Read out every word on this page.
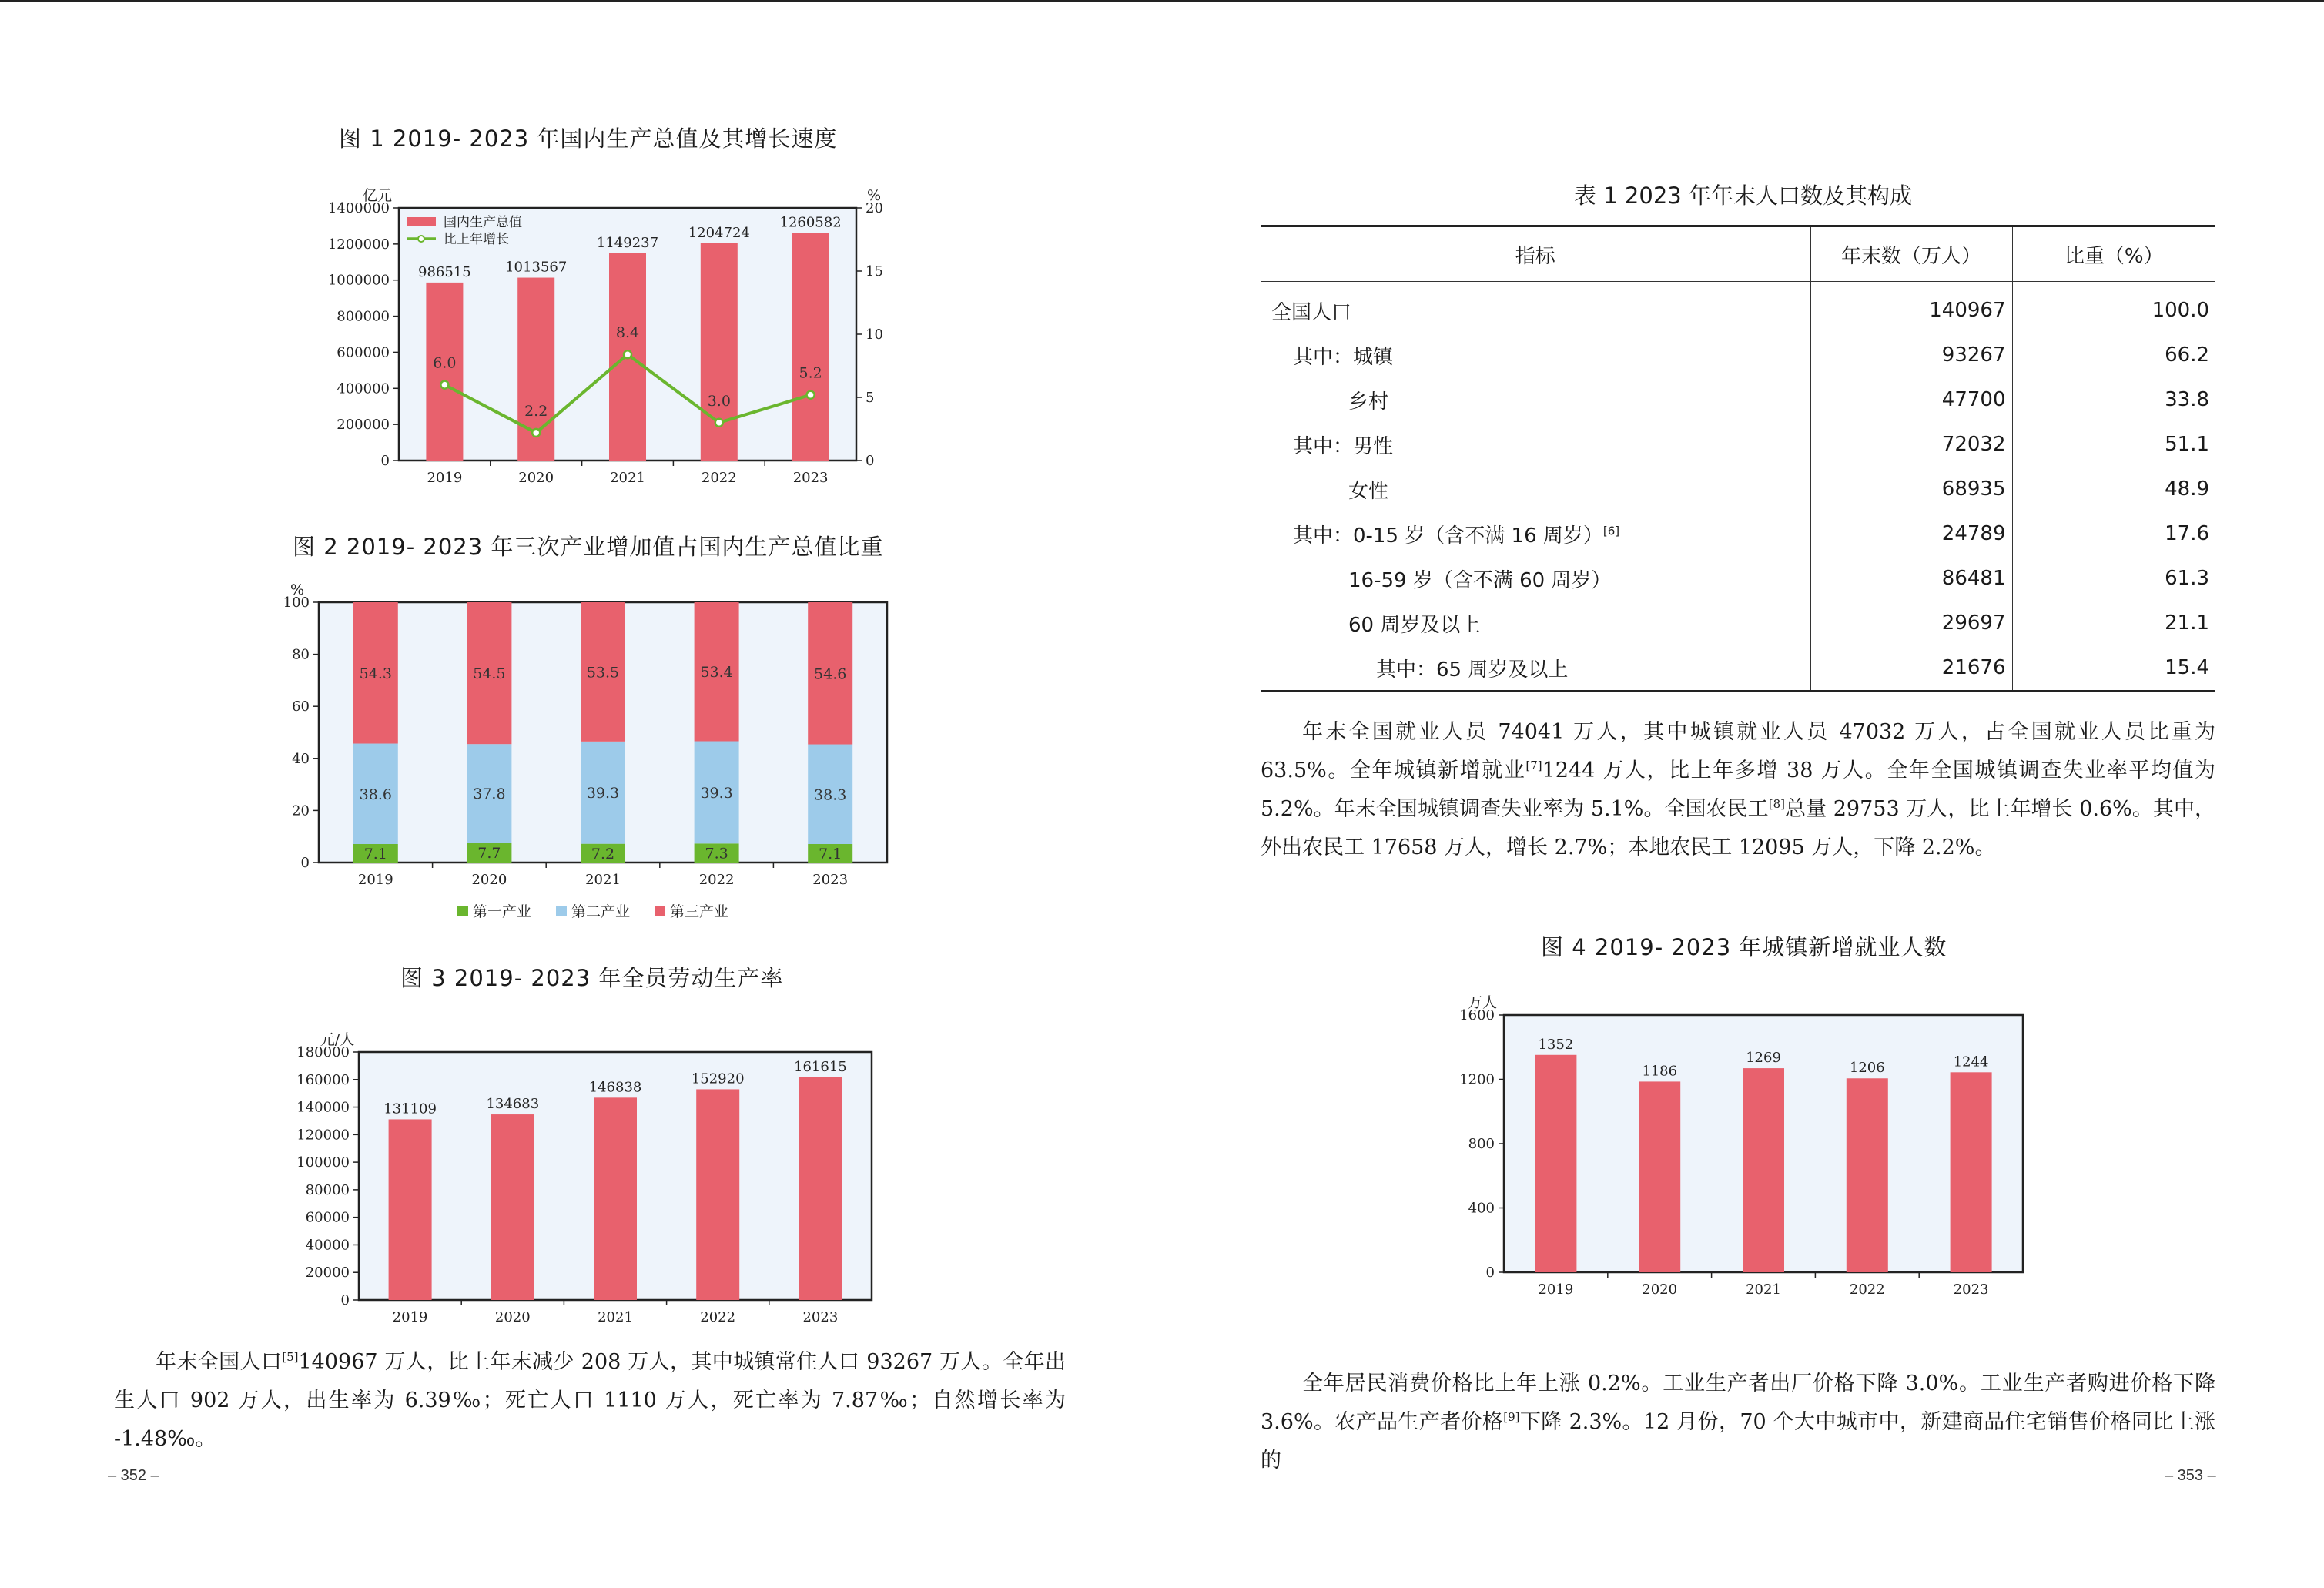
图 1 2019- 2023 年国内生产总值及其增长速度
0
200000
400000
600000
800000
1000000
1200000
1400000
亿元
2019	2020	2021	2022	2023
986515 1013567
1149237
1204724
1260582
0
5
10
15
20
%
6.0
2.2
8.4
3.0
5.2
国内生产总值
比上年增长
图 2 2019- 2023 年三次产业增加值占国内生产总值比重
0
20
40
60
80
100
%
2019	2020	2021	2022	2023
7.1	7.7	7.2	7.3	7.1
38.6	37.8	39.3	39.3	38.3
54.3	54.5	53.5	53.4	54.6
第一产业	第二产业	第三产业
图 3 2019- 2023 年全员劳动生产率
0
20000
40000
60000
80000
100000
120000
140000
160000
180000
元/人
2019	2020	2021	2022	2023
131109	134683
146838
152920
161615

年末全国人口[5]140967 万人，比上年末减少 208 万人，其中城镇常住人口 93267 万人。全年出生人口 902 万人，出生率为 6.39‰；死亡人口 1110 万人，死亡率为 7.87‰；自然增长率为 -1.48‰。

– 352 –
表 1 2023 年年末人口数及其构成
指标	年末数（万人）	比重（%）
全国人口	140967	100.0
其中：城镇	93267	66.2
乡村	47700	33.8
其中：男性	72032	51.1
女性	68935	48.9
其中：0-15 岁（含不满 16 周岁）[6]	24789	17.6
16-59 岁（含不满 60 周岁）	86481	61.3
60 周岁及以上	29697	21.1
其中：65 周岁及以上	21676	15.4

年末全国就业人员 74041 万人，其中城镇就业人员 47032 万人，占全国就业人员比重为 63.5%。全年城镇新增就业[7]1244 万人，比上年多增 38 万人。全年全国城镇调查失业率平均值为 5.2%。年末全国城镇调查失业率为 5.1%。全国农民工[8]总量 29753 万人，比上年增长 0.6%。其中，外出农民工 17658 万人，增长 2.7%；本地农民工 12095 万人，下降 2.2%。

图 4 2019- 2023 年城镇新增就业人数
0
400
800
1200
1600
万人
2019	2020	2021	2022	2023
1352
1186
1269
1206	1244

全年居民消费价格比上年上涨 0.2%。工业生产者出厂价格下降 3.0%。工业生产者购进价格下降 3.6%。农产品生产者价格[9]下降 2.3%。12 月份，70 个大中城市中，新建商品住宅销售价格同比上涨的

– 353 –
